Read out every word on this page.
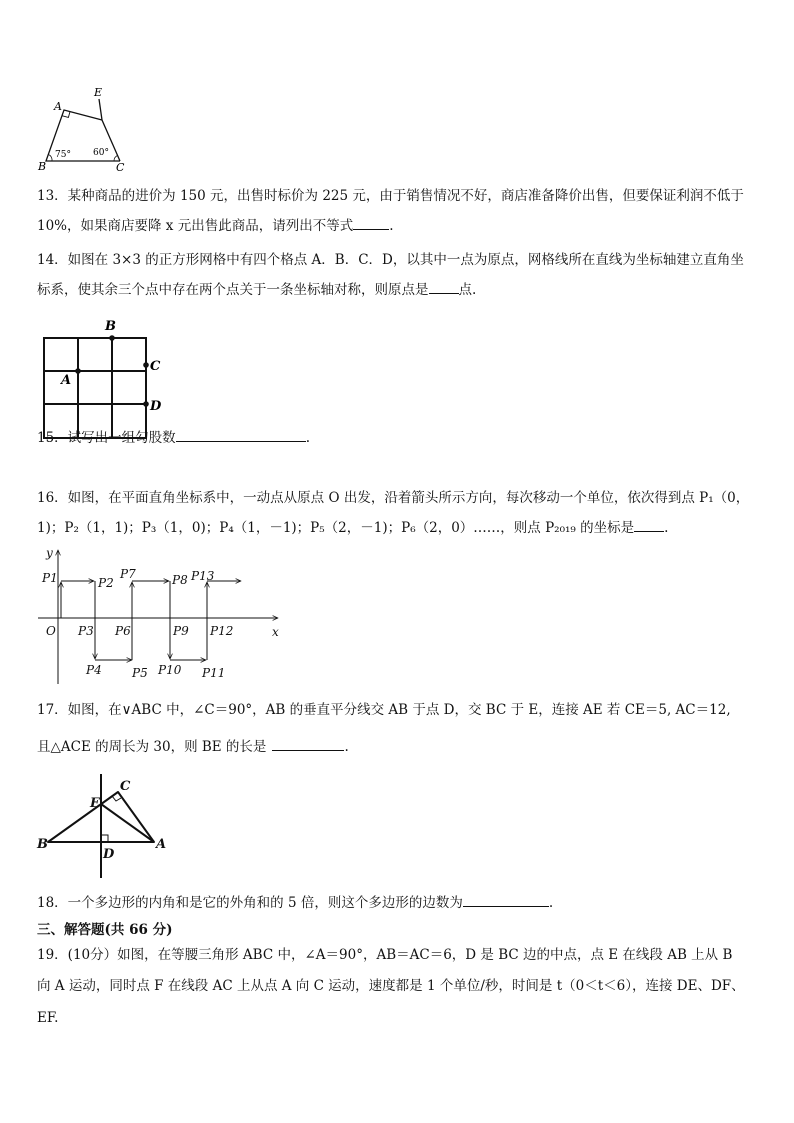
A
E
B	C
75° 60°
13．某种商品的进价为 150 元，出售时标价为 225 元，由于销售情况不好，商店准备降价出售，但要保证利润不低于
10%，如果商店要降 x 元出售此商品，请列出不等式	.
14．如图在 3×3 的正方形网格中有四个格点 A．B．C．D，以其中一点为原点，网格线所在直线为坐标轴建立直角坐
标系，使其余三个点中存在两个点关于一条坐标轴对称，则原点是 点.
A
B
C
D
15．试写出一组勾股数	.
16．如图，在平面直角坐标系中，一动点从原点 O 出发，沿着箭头所示方向，每次移动一个单位，依次得到点 P₁（0，
1)；P₂（1，1)；P₃（1，0)；P₄（1，－1)；P₅（2，－1)；P₆（2，0）……，则点 P₂₀₁₉ 的坐标是 .
y
x
O
P1	P2
P3
P4	P5
P6
P7	P8
P9
P10 P11
P12
P13
17．如图，在∨ABC 中，∠C＝90°，AB 的垂直平分线交 AB 于点 D，交 BC 于 E，连接 AE 若 CE＝5, AC＝12,
且△ACE 的周长为 30，则 BE 的长是	.
E
C
B
D
A
18．一个多边形的内角和是它的外角和的 5 倍，则这个多边形的边数为	.
三、解答题(共 66 分)
19．(10分）如图，在等腰三角形 ABC 中，∠A＝90°，AB＝AC＝6，D 是 BC 边的中点，点 E 在线段 AB 上从 B
向 A 运动，同时点 F 在线段 AC 上从点 A 向 C 运动，速度都是 1 个单位/秒，时间是 t（0＜t＜6），连接 DE、DF、
EF.
